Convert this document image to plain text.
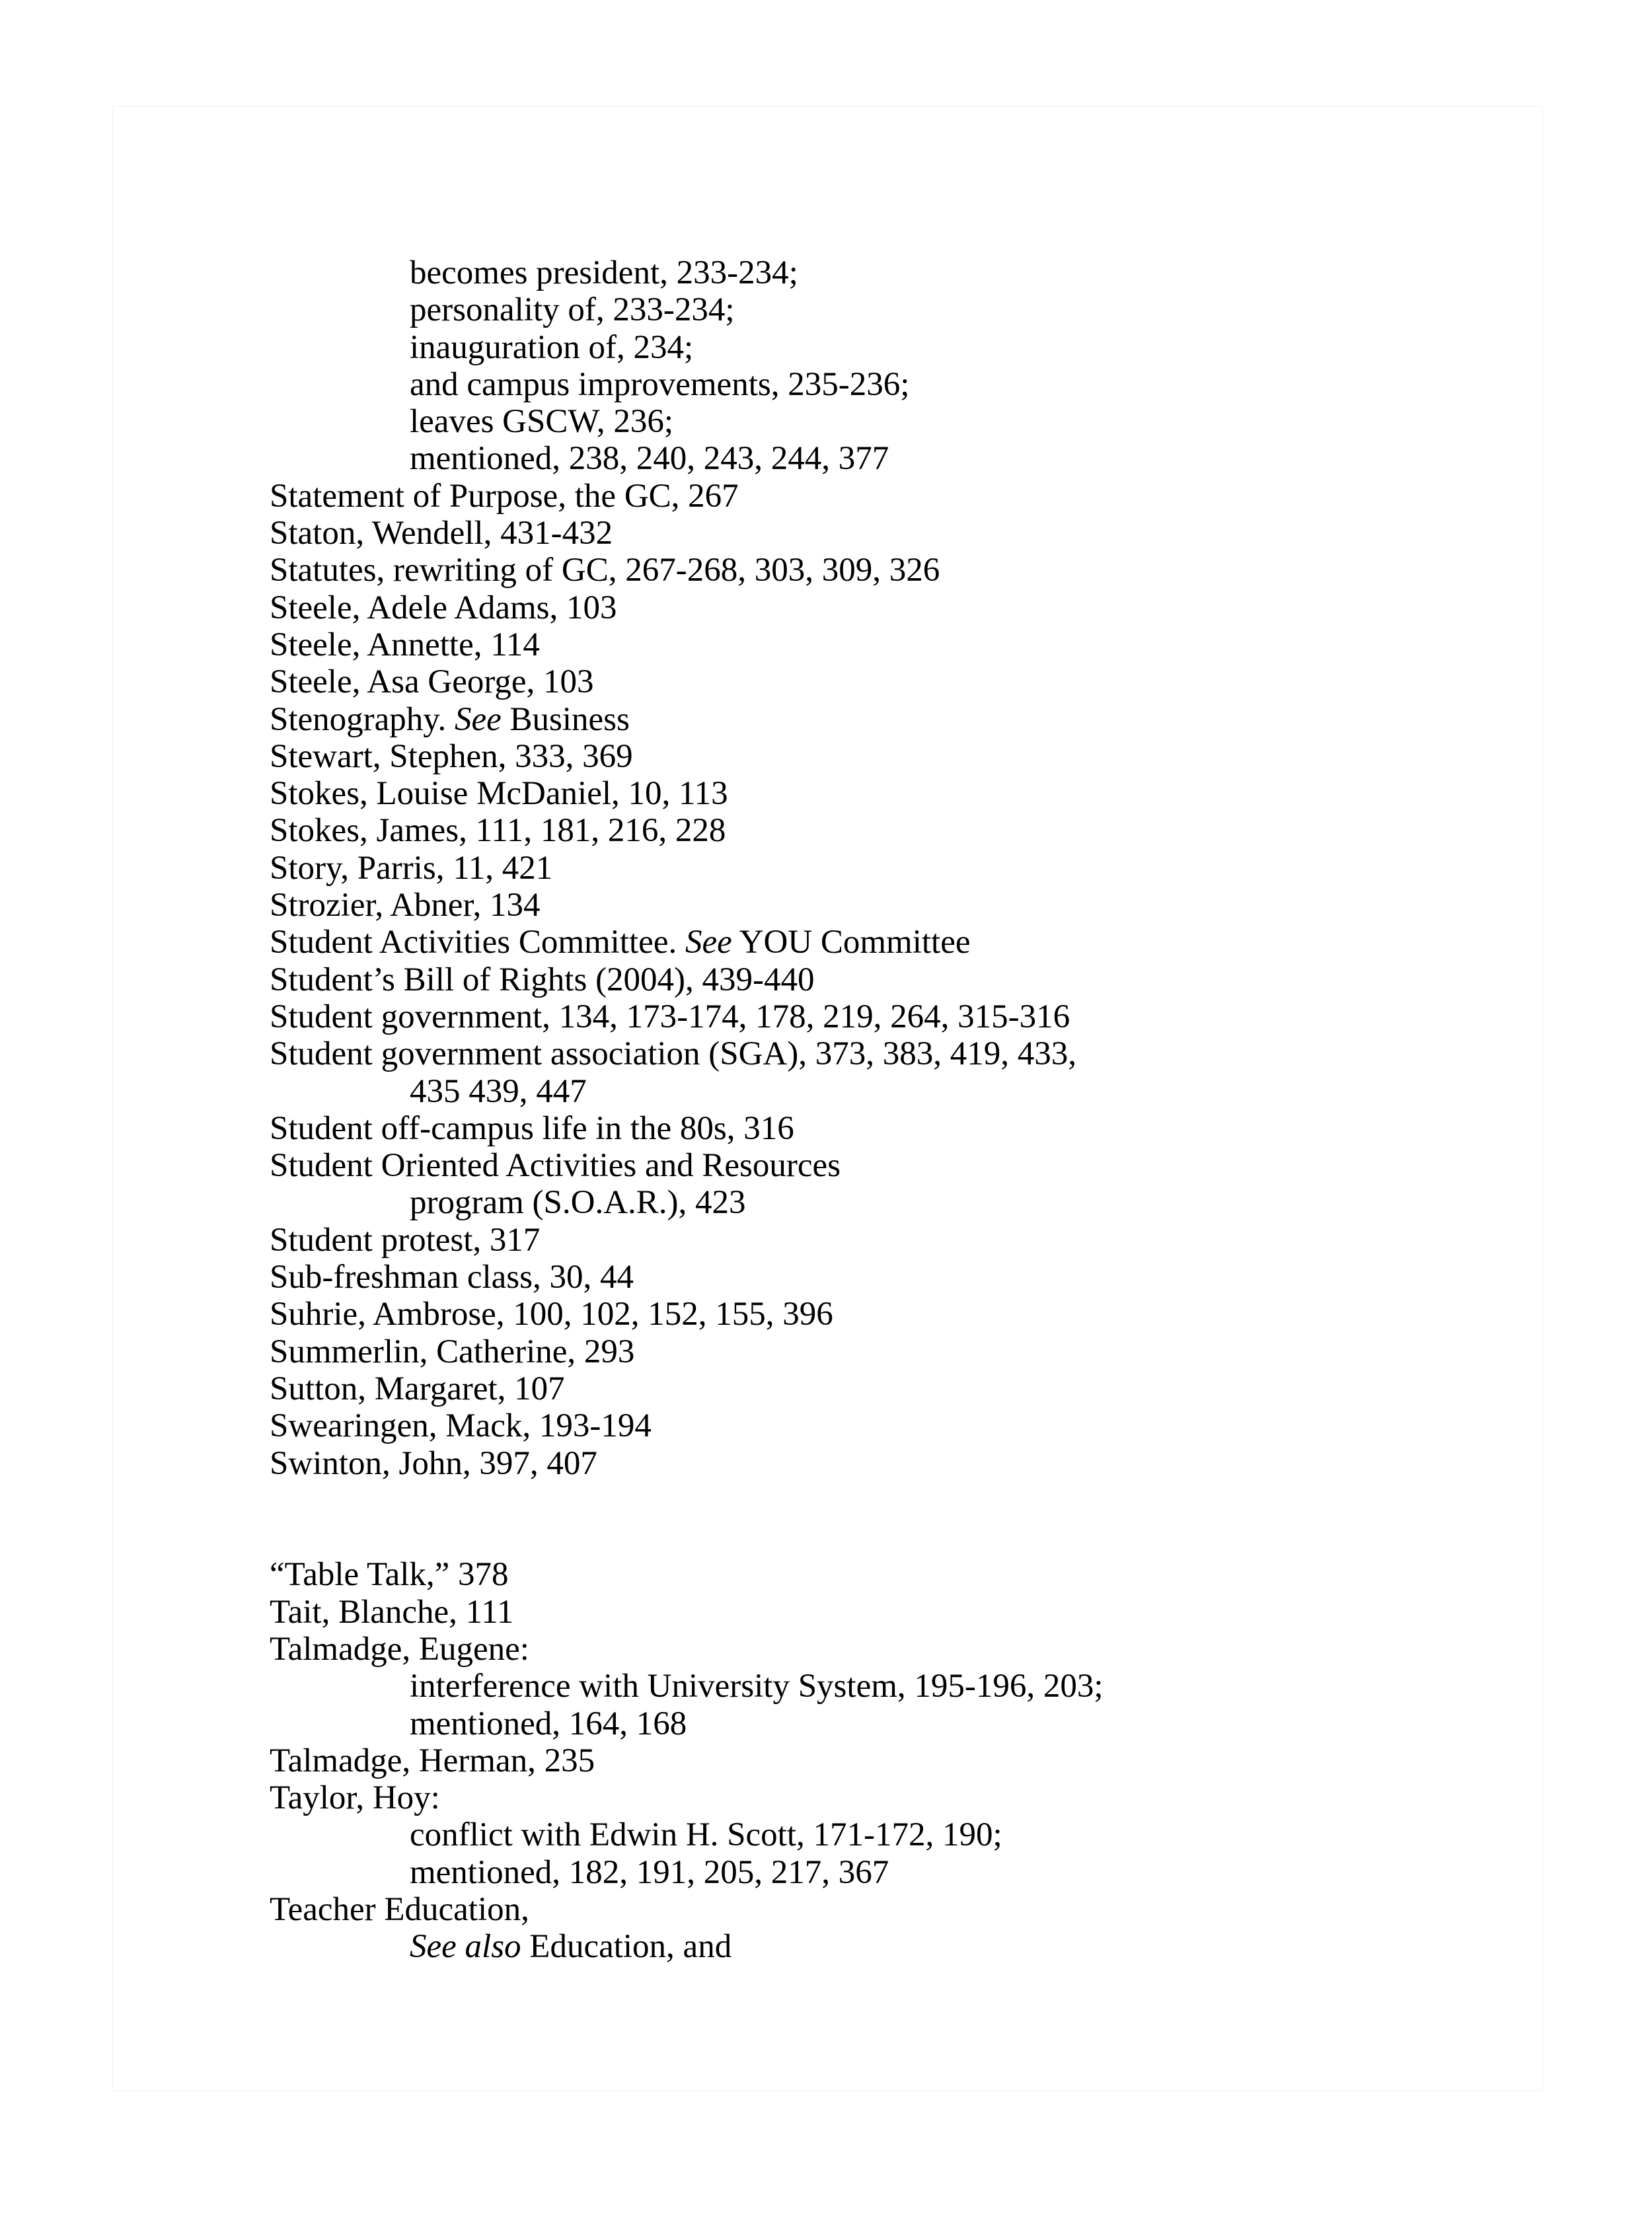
becomes president, 233-234;
personality of, 233-234;
inauguration of, 234;
and campus improvements, 235-236;
leaves GSCW, 236;
mentioned, 238, 240, 243, 244, 377
Statement of Purpose, the GC, 267
Staton, Wendell, 431-432
Statutes, rewriting of GC, 267-268, 303, 309, 326
Steele, Adele Adams, 103
Steele, Annette, 114
Steele, Asa George, 103
Stenography. See Business
Stewart, Stephen, 333, 369
Stokes, Louise McDaniel, 10, 113
Stokes, James, 111, 181, 216, 228
Story, Parris, 11, 421
Strozier, Abner, 134
Student Activities Committee. See YOU Committee
Student’s Bill of Rights (2004), 439-440
Student government, 134, 173-174, 178, 219, 264, 315-316
Student government association (SGA), 373, 383, 419, 433,
435 439, 447
Student off-campus life in the 80s, 316
Student Oriented Activities and Resources
program (S.O.A.R.), 423
Student protest, 317
Sub-freshman class, 30, 44
Suhrie, Ambrose, 100, 102, 152, 155, 396
Summerlin, Catherine, 293
Sutton, Margaret, 107
Swearingen, Mack, 193-194
Swinton, John, 397, 407
“Table Talk,” 378
Tait, Blanche, 111
Talmadge, Eugene:
interference with University System, 195-196, 203;
mentioned, 164, 168
Talmadge, Herman, 235
Taylor, Hoy:
conflict with Edwin H. Scott, 171-172, 190;
mentioned, 182, 191, 205, 217, 367
Teacher Education,
See also Education, and
